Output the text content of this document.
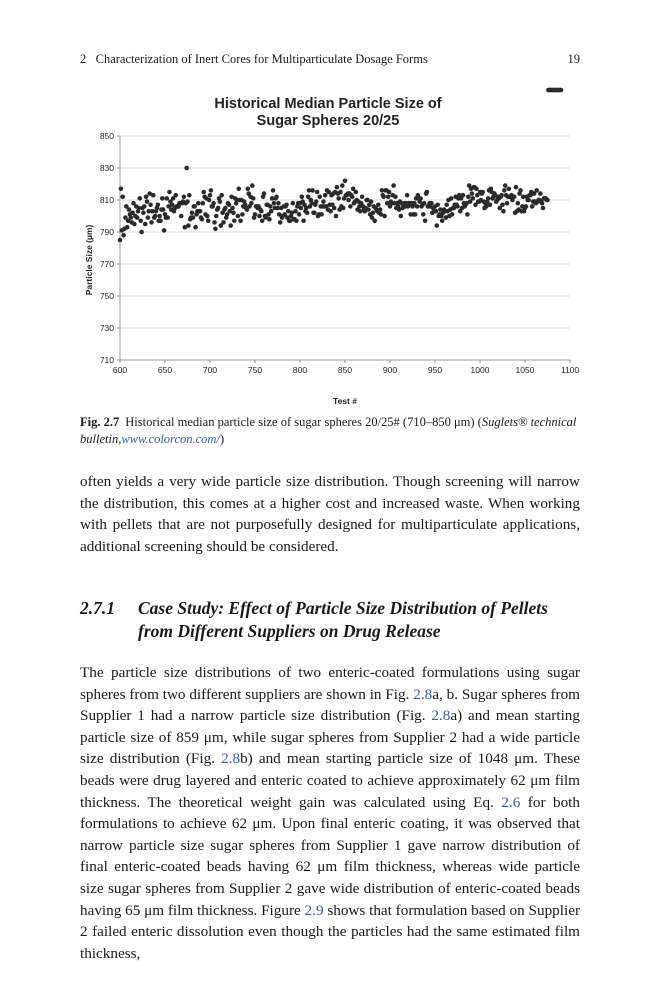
2   Characterization of Inert Cores for Multiparticulate Dosage Forms	19
Historical Median Particle Size of
Sugar Spheres 20/25
Particle Size (µm)
Test #
710
730
750
770
790
810
830
850
600	650	700	750	800	850	900	950	1000	1050	1100
Fig. 2.7 Historical median particle size of sugar spheres 20/25# (710–850 μm) (Suglets® technical bulletin,www.colorcon.com/)

often yields a very wide particle size distribution. Though screening will narrow the distribution, this comes at a higher cost and increased waste. When working with pellets that are not purposefully designed for multiparticulate applications, additional screening should be considered.

2.7.1	Case Study: Effect of Particle Size Distribution of Pellets from Different Suppliers on Drug Release

The particle size distributions of two enteric-coated formulations using sugar spheres from two different suppliers are shown in Fig. 2.8a, b. Sugar spheres from Supplier 1 had a narrow particle size distribution (Fig. 2.8a) and mean starting particle size of 859 μm, while sugar spheres from Supplier 2 had a wide particle size distribution (Fig. 2.8b) and mean starting particle size of 1048 μm. These beads were drug layered and enteric coated to achieve approximately 62 μm film thickness. The theoretical weight gain was calculated using Eq. 2.6 for both formulations to achieve 62 μm. Upon final enteric coating, it was observed that narrow particle size sugar spheres from Supplier 1 gave narrow distribution of final enteric-coated beads having 62 μm film thickness, whereas wide particle size sugar spheres from Supplier 2 gave wide distribution of enteric-coated beads having 65 μm film thickness. Figure 2.9 shows that formulation based on Supplier 2 failed enteric dissolution even though the particles had the same estimated film thickness,
